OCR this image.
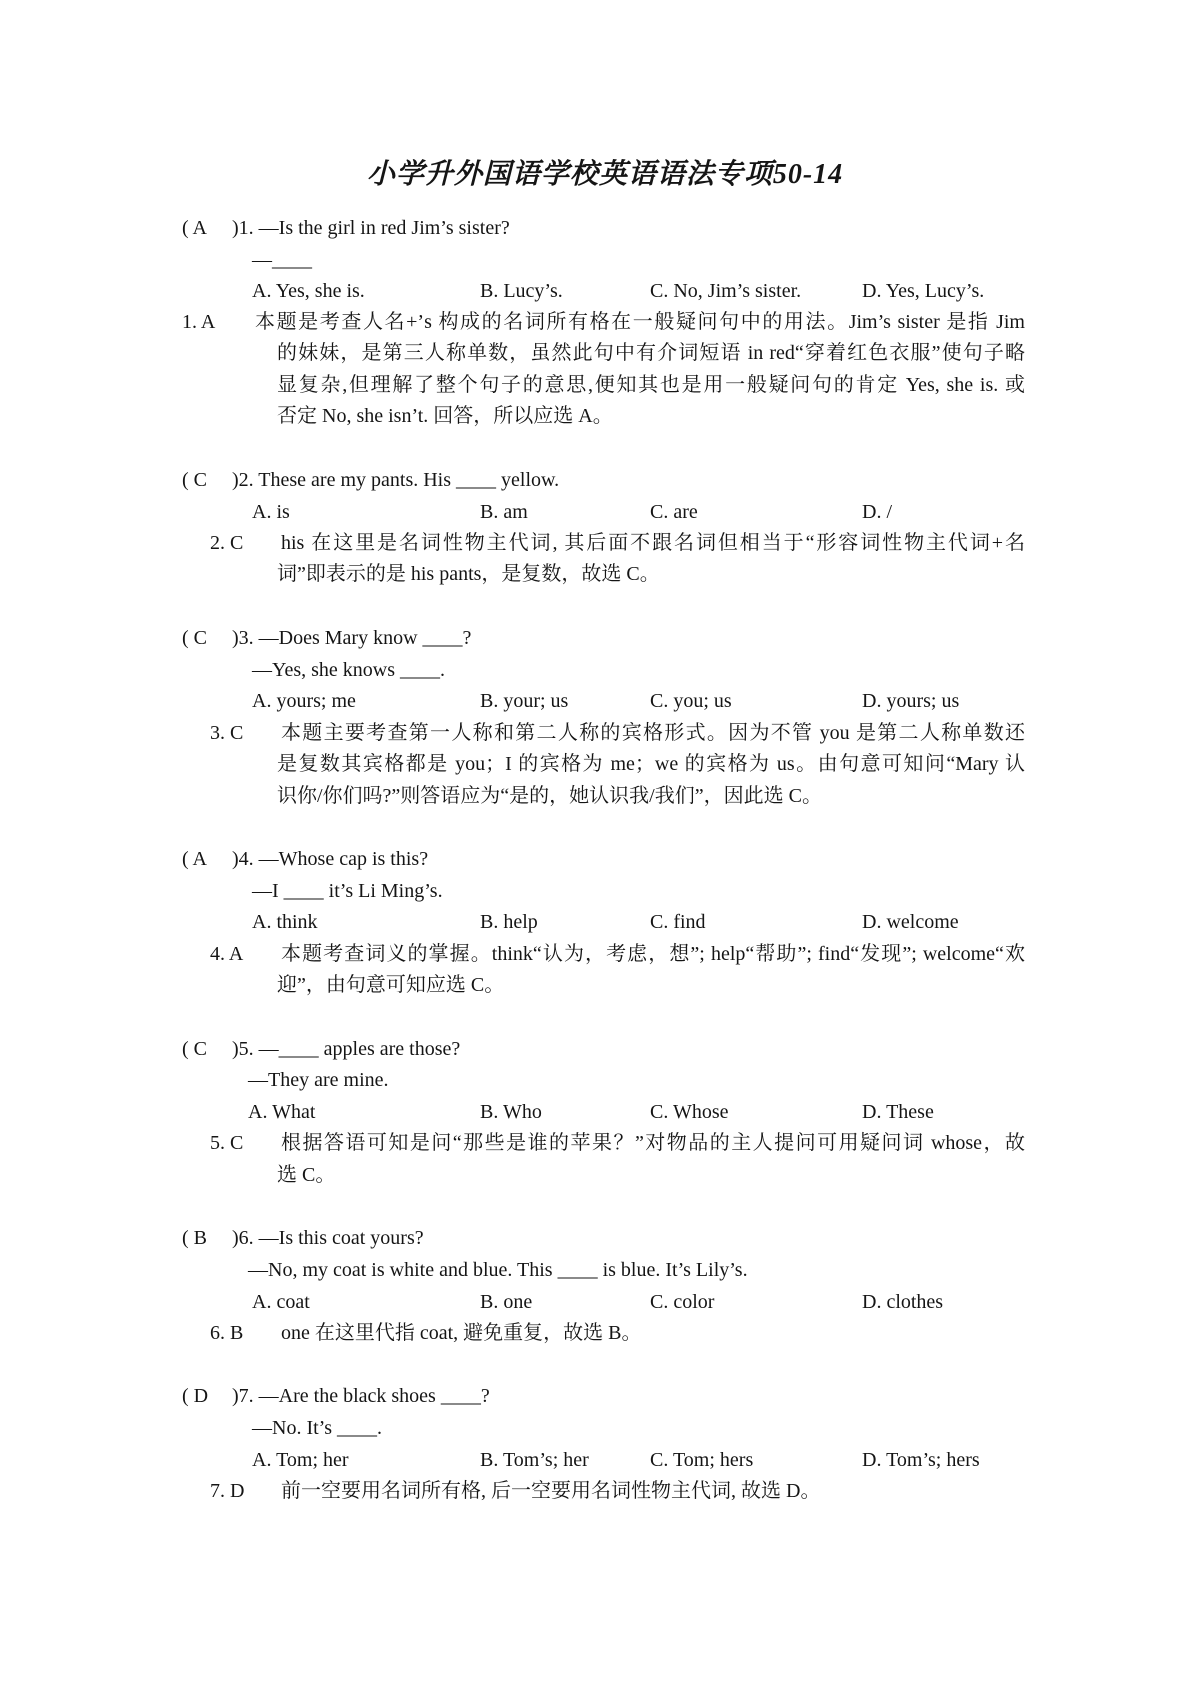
小学升外国语学校英语语法专项50-14
( A )1. —Is the girl in red Jim’s sister?
—____
A. Yes, she is.	B. Lucy’s.	C. No, Jim’s sister.	D. Yes, Lucy’s.
1. A 本题是考查人名+’s 构成的名词所有格在一般疑问句中的用法。Jim’s sister 是指 Jim
的妹妹，是第三人称单数，虽然此句中有介词短语 in red“穿着红色衣服”使句子略
显复杂,但理解了整个句子的意思,便知其也是用一般疑问句的肯定 Yes, she is. 或
否定 No, she isn’t. 回答，所以应选 A。
( C )2. These are my pants. His ____ yellow.
A. is	B. am	C. are	D. /
2. C his 在这里是名词性物主代词, 其后面不跟名词但相当于“形容词性物主代词+名
词”即表示的是 his pants，是复数，故选 C。
( C )3. —Does Mary know ____?
—Yes, she knows ____.
A. yours; me	B. your; us	C. you; us	D. yours; us
3. C 本题主要考查第一人称和第二人称的宾格形式。因为不管 you 是第二人称单数还
是复数其宾格都是 you；I 的宾格为 me；we 的宾格为 us。由句意可知问“Mary 认
识你/你们吗?”则答语应为“是的，她认识我/我们”，因此选 C。
( A )4. —Whose cap is this?
—I ____ it’s Li Ming’s.
A. think	B. help	C. find	D. welcome
4. A 本题考查词义的掌握。think“认为，考虑，想”; help“帮助”; find“发现”; welcome“欢
迎”，由句意可知应选 C。
( C )5. —____ apples are those?
—They are mine.
A. What	B. Who	C. Whose	D. These
5. C 根据答语可知是问“那些是谁的苹果？”对物品的主人提问可用疑问词 whose，故
选 C。
( B )6. —Is this coat yours?
—No, my coat is white and blue. This ____ is blue. It’s Lily’s.
A. coat	B. one	C. color	D. clothes
6. B one 在这里代指 coat, 避免重复，故选 B。
( D )7. —Are the black shoes ____?
—No. It’s ____.
A. Tom; her	B. Tom’s; her	C. Tom; hers	D. Tom’s; hers
7. D 前一空要用名词所有格, 后一空要用名词性物主代词, 故选 D。
